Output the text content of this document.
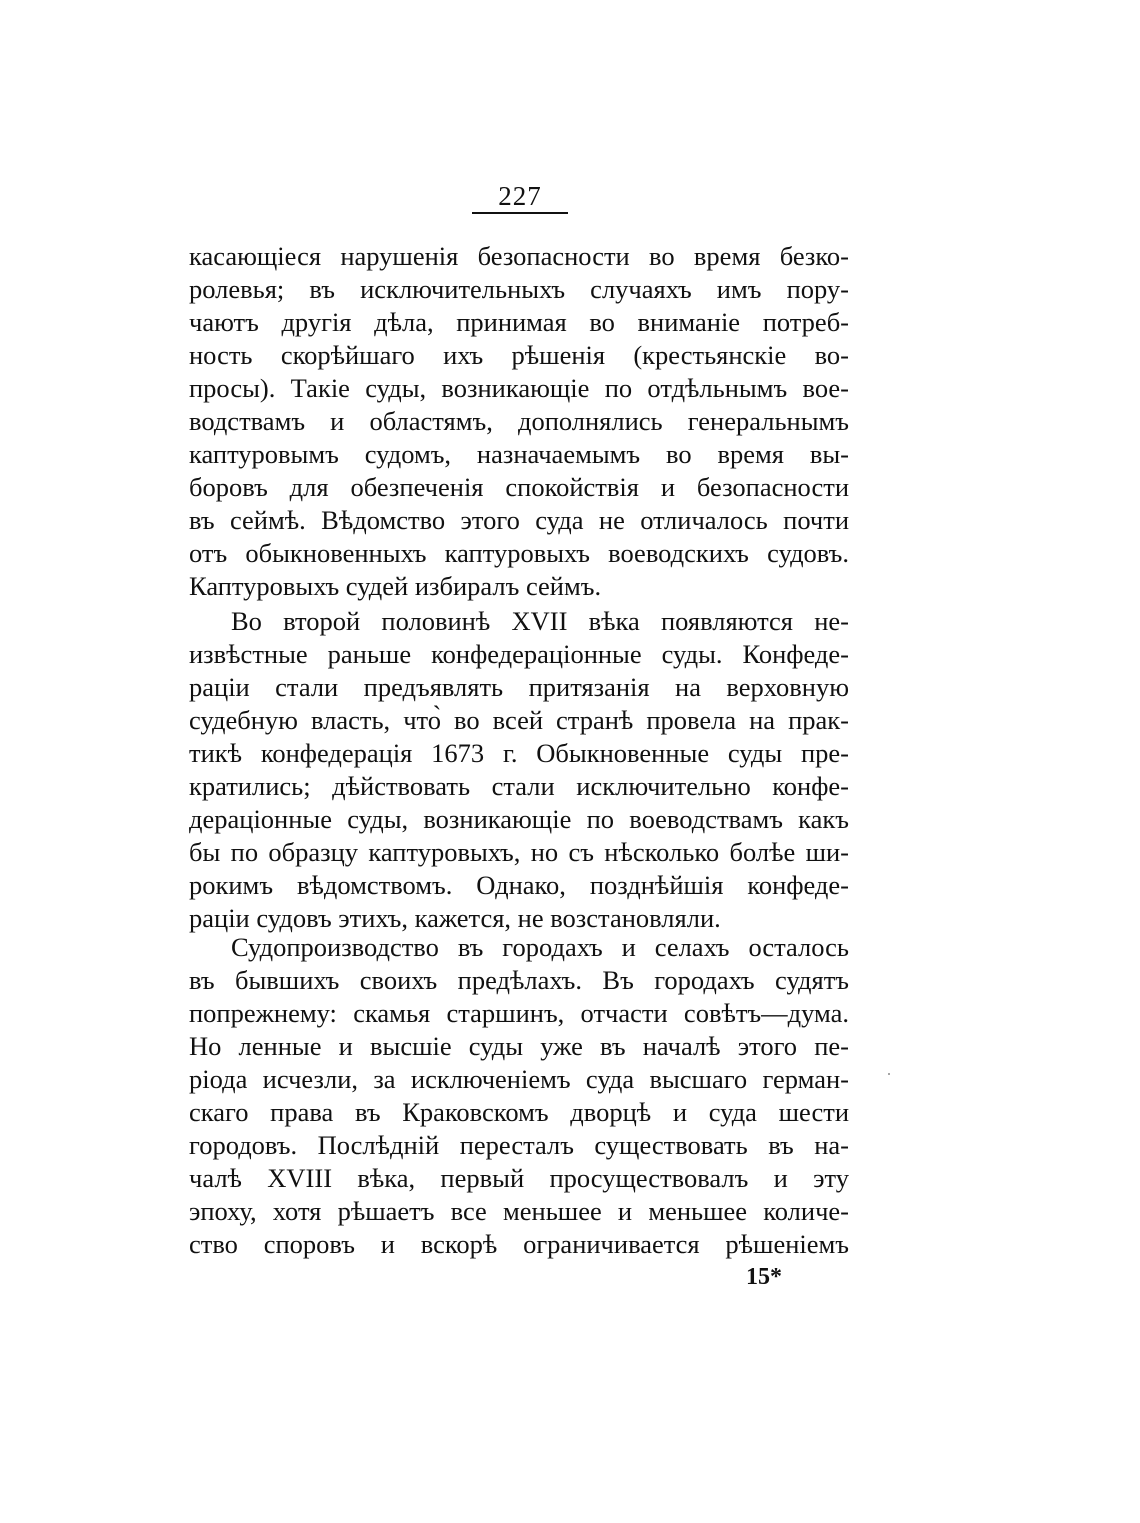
227
касающіеся нарушенія безопасности во время безко-
ролевья; въ исключительныхъ случаяхъ имъ пору-
чаютъ другія дѣла, принимая во вниманіе потреб-
ность скорѣйшаго ихъ рѣшенія (крестьянскіе во-
просы). Такіе суды, возникающіе по отдѣльнымъ вое-
водствамъ и областямъ, дополнялись генеральнымъ
каптуровымъ судомъ, назначаемымъ во время вы-
боровъ для обезпеченія спокойствія и безопасности
въ сеймѣ. Вѣдомство этого суда не отличалось почти
отъ обыкновенныхъ каптуровыхъ воеводскихъ судовъ.
Каптуровыхъ судей избиралъ сеймъ.
Во второй половинѣ XVII вѣка появляются не-
извѣстные раньше конфедераціонные суды. Конфеде-
раціи стали предъявлять притязанія на верховную
судебную власть, что̀ во всей странѣ провела на прак-
тикѣ конфедерація 1673 г. Обыкновенные суды пре-
кратились; дѣйствовать стали исключительно конфе-
дераціонные суды, возникающіе по воеводствамъ какъ
бы по образцу каптуровыхъ, но съ нѣсколько болѣе ши-
рокимъ вѣдомствомъ. Однако, позднѣйшія конфеде-
раціи судовъ этихъ, кажется, не возстановляли.
Судопроизводство въ городахъ и селахъ осталось
въ бывшихъ своихъ предѣлахъ. Въ городахъ судятъ
попрежнему: скамья старшинъ, отчасти совѣтъ—дума.
Но ленные и высшіе суды уже въ началѣ этого пе-
ріода исчезли, за исключеніемъ суда высшаго герман-
скаго права въ Краковскомъ дворцѣ и суда шести
городовъ. Послѣдній пересталъ существовать въ на-
чалѣ XVIII вѣка, первый просуществовалъ и эту
эпоху, хотя рѣшаетъ все меньшее и меньшее количе-
ство споровъ и вскорѣ ограничивается рѣшеніемъ
15*
